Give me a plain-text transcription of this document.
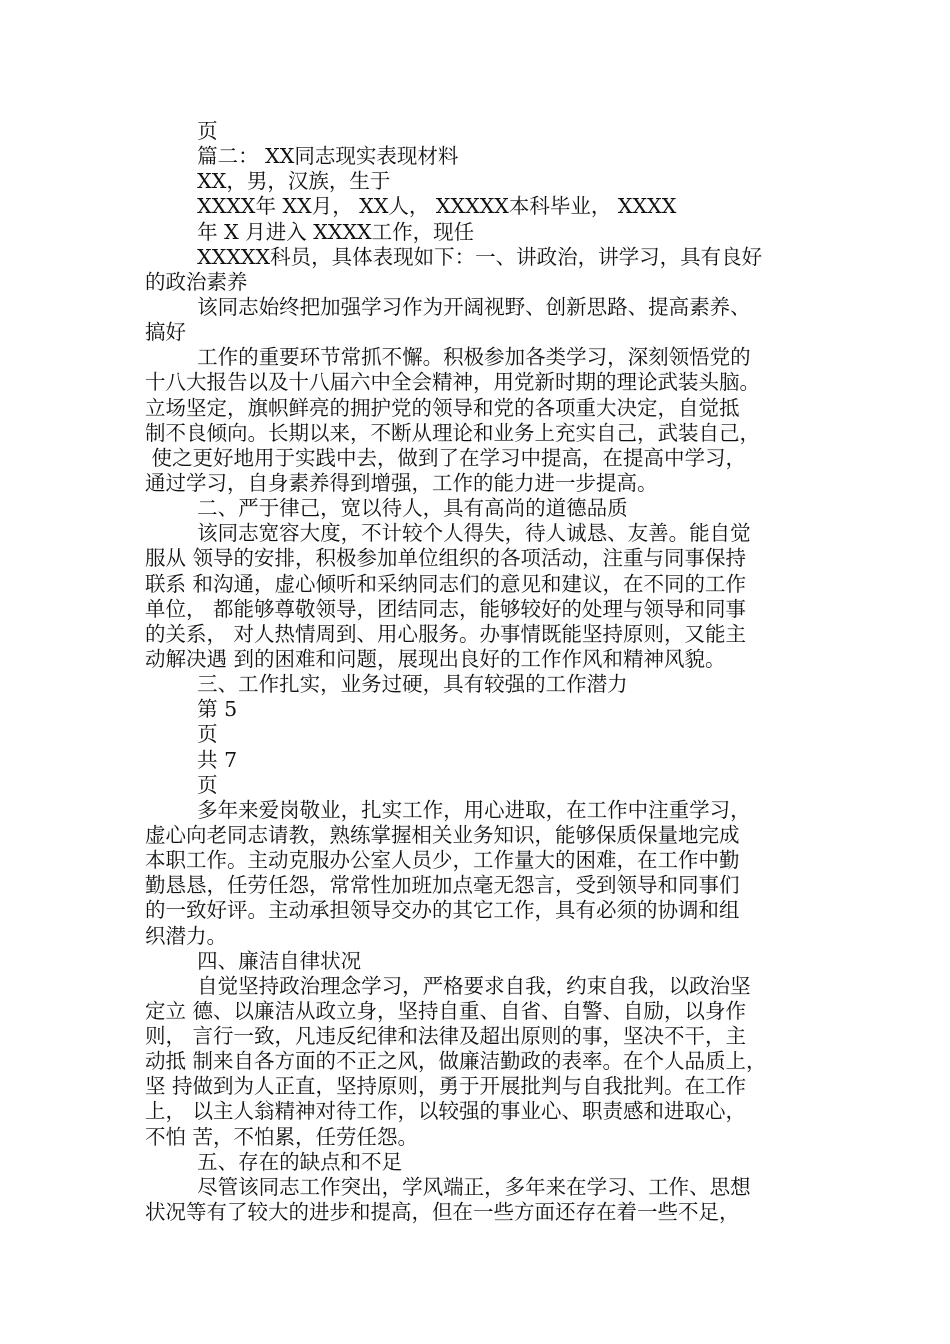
页
篇二： XX同志现实表现材料
XX，男，汉族，生于
XXXX年 XX月， XX人， XXXXX本科毕业， XXXX
年 X 月进入 XXXX工作，现任
XXXXX科员，具体表现如下：一、讲政治，讲学习，具有良好
的政治素养
该同志始终把加强学习作为开阔视野、创新思路、提高素养、
搞好
工作的重要环节常抓不懈。积极参加各类学习，深刻领悟党的
十八大报告以及十八届六中全会精神，用党新时期的理论武装头脑。
立场坚定，旗帜鲜亮的拥护党的领导和党的各项重大决定，自觉抵
制不良倾向。长期以来，不断从理论和业务上充实自己，武装自己，
使之更好地用于实践中去，做到了在学习中提高，在提高中学习，
通过学习，自身素养得到增强，工作的能力进一步提高。
二、严于律己，宽以待人，具有高尚的道德品质
该同志宽容大度，不计较个人得失，待人诚恳、友善。能自觉
服从 领导的安排，积极参加单位组织的各项活动，注重与同事保持
联系 和沟通，虚心倾听和采纳同志们的意见和建议，在不同的工作
单位， 都能够尊敬领导，团结同志，能够较好的处理与领导和同事
的关系， 对人热情周到、用心服务。办事情既能坚持原则，又能主
动解决遇 到的困难和问题，展现出良好的工作作风和精神风貌。
三、工作扎实，业务过硬，具有较强的工作潜力
第 5
页
共 7
页
多年来爱岗敬业，扎实工作，用心进取，在工作中注重学习，
虚心向老同志请教，熟练掌握相关业务知识，能够保质保量地完成
本职工作。主动克服办公室人员少，工作量大的困难，在工作中勤
勤恳恳，任劳任怨，常常性加班加点毫无怨言，受到领导和同事们
的一致好评。主动承担领导交办的其它工作，具有必须的协调和组
织潜力。
四、廉洁自律状况
自觉坚持政治理念学习，严格要求自我，约束自我，以政治坚
定立 德、以廉洁从政立身，坚持自重、自省、自警、自励，以身作
则， 言行一致，凡违反纪律和法律及超出原则的事，坚决不干，主
动抵 制来自各方面的不正之风，做廉洁勤政的表率。在个人品质上，
坚 持做到为人正直，坚持原则，勇于开展批判与自我批判。在工作
上， 以主人翁精神对待工作，以较强的事业心、职责感和进取心，
不怕 苦，不怕累，任劳任怨。
五、存在的缺点和不足
尽管该同志工作突出，学风端正，多年来在学习、工作、思想
状况等有了较大的进步和提高，但在一些方面还存在着一些不足，
